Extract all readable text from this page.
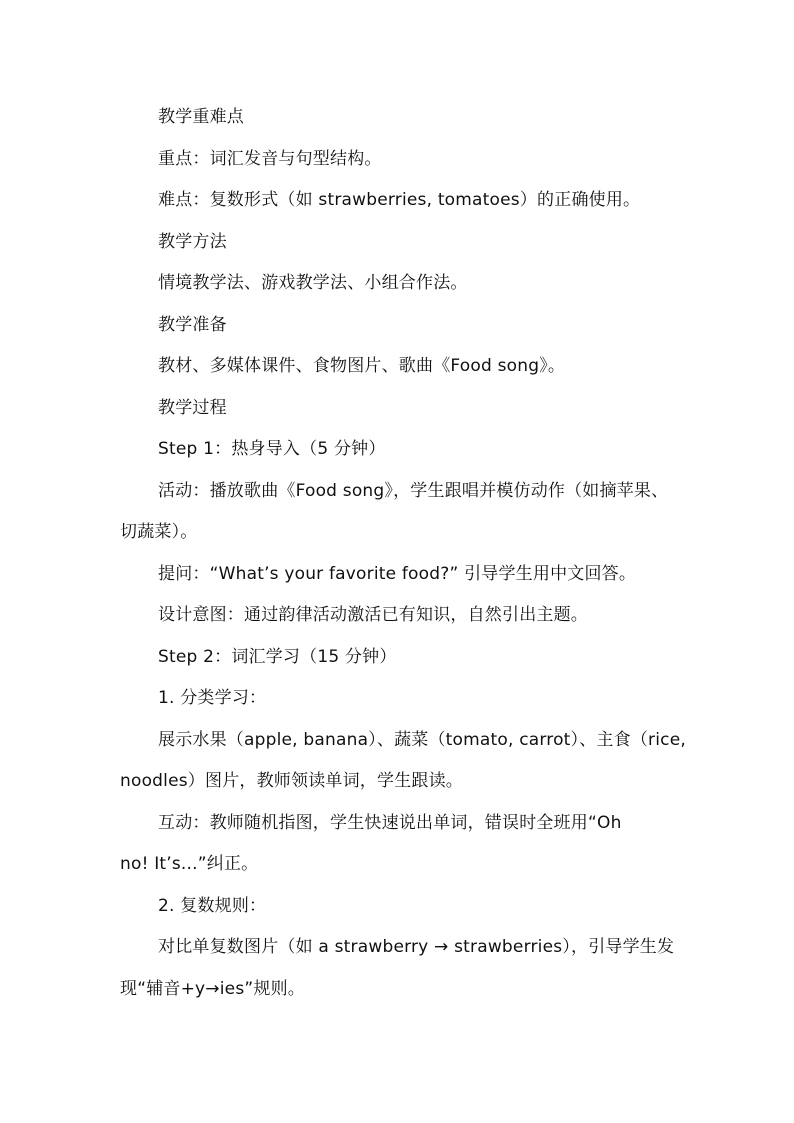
教学重难点
重点：词汇发音与句型结构。
难点：复数形式（如 strawberries, tomatoes）的正确使用。
教学方法
情境教学法、游戏教学法、小组合作法。
教学准备
教材、多媒体课件、食物图片、歌曲《Food song》。
教学过程
Step 1：热身导入（5 分钟）
活动：播放歌曲《Food song》，学生跟唱并模仿动作（如摘苹果、
切蔬菜）。
提问：“What’s your favorite food?” 引导学生用中文回答。
设计意图：通过韵律活动激活已有知识，自然引出主题。
Step 2：词汇学习（15 分钟）
1. 分类学习：
展示水果（apple, banana）、蔬菜（tomato, carrot）、主食（rice,
noodles）图片，教师领读单词，学生跟读。
互动：教师随机指图，学生快速说出单词，错误时全班用“Oh
no! It’s...”纠正。
2. 复数规则：
对比单复数图片（如 a strawberry → strawberries），引导学生发
现“辅音+y→ies”规则。
